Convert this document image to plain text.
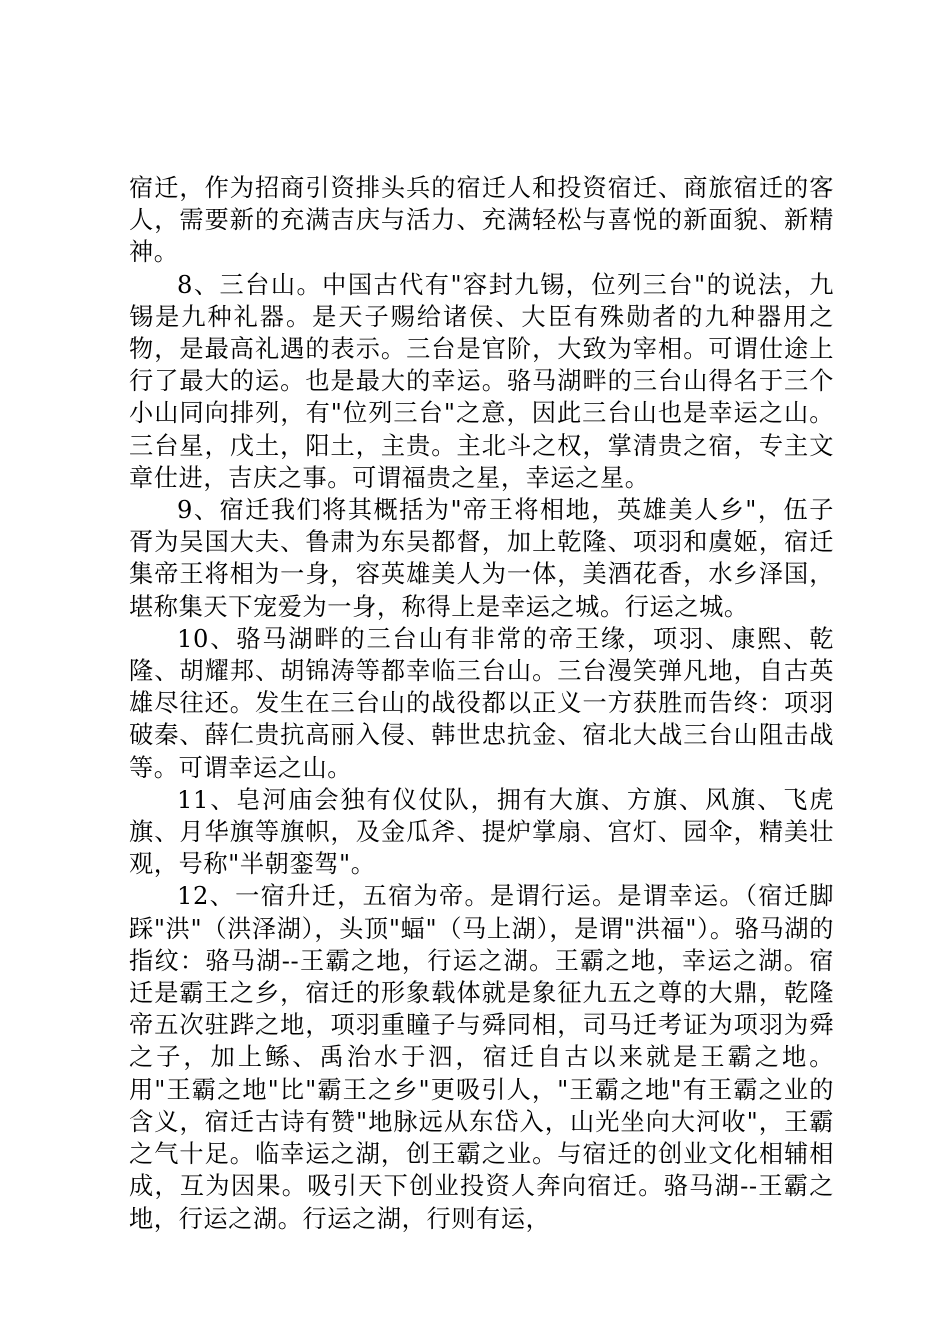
宿迁，作为招商引资排头兵的宿迁人和投资宿迁、商旅宿迁的客人，需要新的充满吉庆与活力、充满轻松与喜悦的新面貌、新精神。

8、三台山。中国古代有"容封九锡，位列三台"的说法，九锡是九种礼器。是天子赐给诸侯、大臣有殊勋者的九种器用之物，是最高礼遇的表示。三台是官阶，大致为宰相。可谓仕途上行了最大的运。也是最大的幸运。骆马湖畔的三台山得名于三个小山同向排列，有"位列三台"之意，因此三台山也是幸运之山。三台星，戊土，阳土，主贵。主北斗之权，掌清贵之宿，专主文章仕进，吉庆之事。可谓福贵之星，幸运之星。

9、宿迁我们将其概括为"帝王将相地，英雄美人乡"，伍子胥为吴国大夫、鲁肃为东吴都督，加上乾隆、项羽和虞姬，宿迁集帝王将相为一身，容英雄美人为一体，美酒花香，水乡泽国，堪称集天下宠爱为一身，称得上是幸运之城。行运之城。

10、骆马湖畔的三台山有非常的帝王缘，项羽、康熙、乾隆、胡耀邦、胡锦涛等都幸临三台山。三台漫笑弹凡地，自古英雄尽往还。发生在三台山的战役都以正义一方获胜而告终：项羽破秦、薛仁贵抗高丽入侵、韩世忠抗金、宿北大战三台山阻击战等。可谓幸运之山。

11、皂河庙会独有仪仗队，拥有大旗、方旗、风旗、飞虎旗、月华旗等旗帜，及金瓜斧、提炉掌扇、宫灯、园伞，精美壮观，号称"半朝銮驾"。

12、一宿升迁，五宿为帝。是谓行运。是谓幸运。（宿迁脚踩"洪"（洪泽湖），头顶"蝠"（马上湖），是谓"洪福"）。骆马湖的指纹：骆马湖--王霸之地，行运之湖。王霸之地，幸运之湖。宿迁是霸王之乡，宿迁的形象载体就是象征九五之尊的大鼎，乾隆帝五次驻跸之地，项羽重瞳子与舜同相，司马迁考证为项羽为舜之子，加上鲧、禹治水于泗，宿迁自古以来就是王霸之地。用"王霸之地"比"霸王之乡"更吸引人，"王霸之地"有王霸之业的含义，宿迁古诗有赞"地脉远从东岱入，山光坐向大河收"，王霸之气十足。临幸运之湖，创王霸之业。与宿迁的创业文化相辅相成，互为因果。吸引天下创业投资人奔向宿迁。骆马湖--王霸之地，行运之湖。行运之湖，行则有运，
